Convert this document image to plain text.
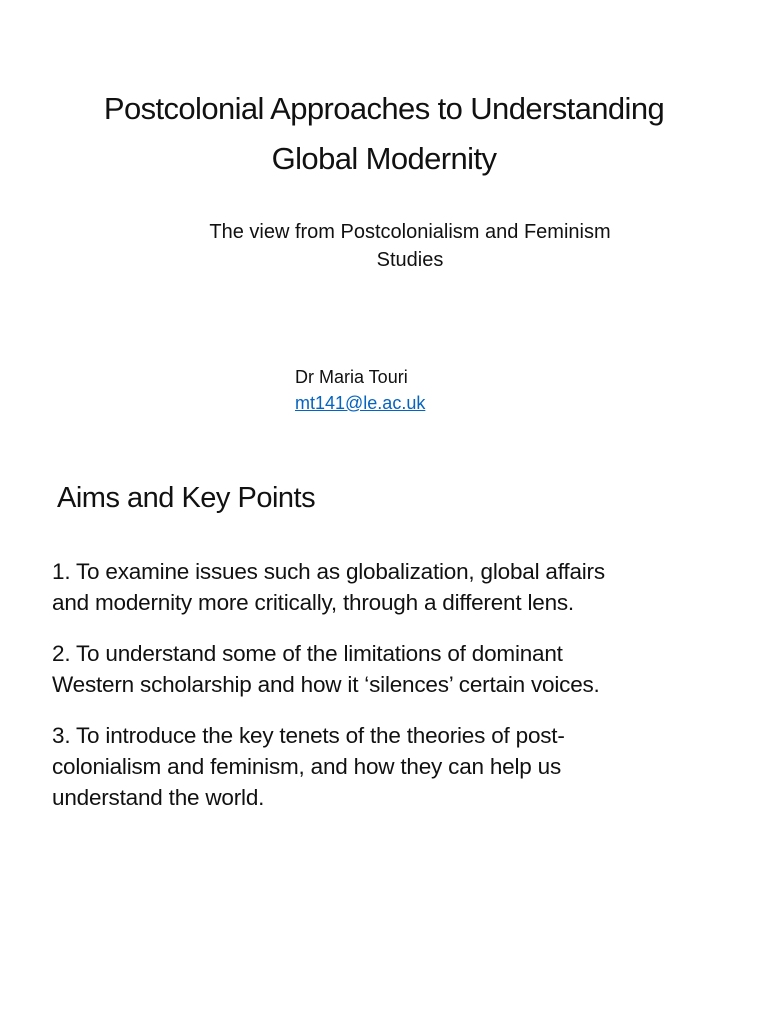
Postcolonial Approaches to Understanding
Global Modernity

The view from Postcolonialism and Feminism
Studies

Dr Maria Touri
mt141@le.ac.uk
Aims and Key Points
1. To examine issues such as globalization, global affairs
and modernity more critically, through a different lens.
2. To understand some of the limitations of dominant
Western scholarship and how it ‘silences’ certain voices.
3. To introduce the key tenets of the theories of post-
colonialism and feminism, and how they can help us
understand the world.
